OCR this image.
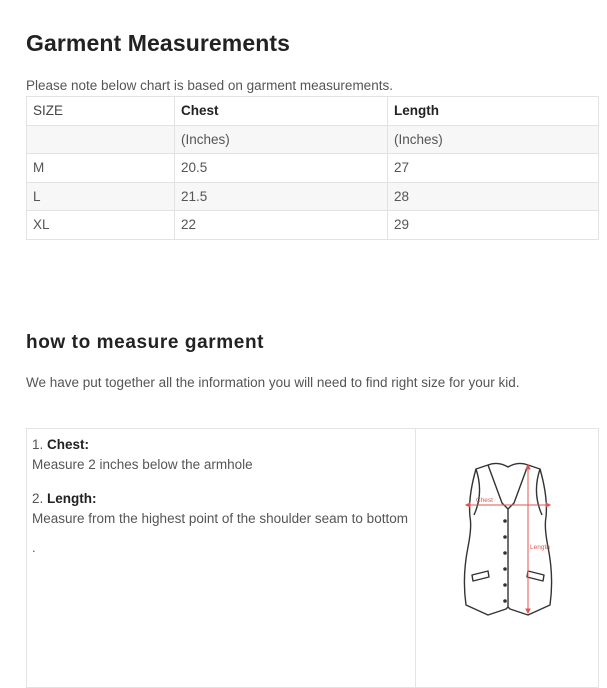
Garment Measurements
Please note below chart is based on garment measurements.
SIZE	Chest	Length
	(Inches)	(Inches)
M	20.5	27
L	21.5	28
XL	22	29
how to measure garment
We have put together all the information you will need to find right size for your kid.
1. Chest:
Measure 2 inches below the armhole
2. Length:
Measure from the highest point of the shoulder seam to bottom
.
Chest
Length
